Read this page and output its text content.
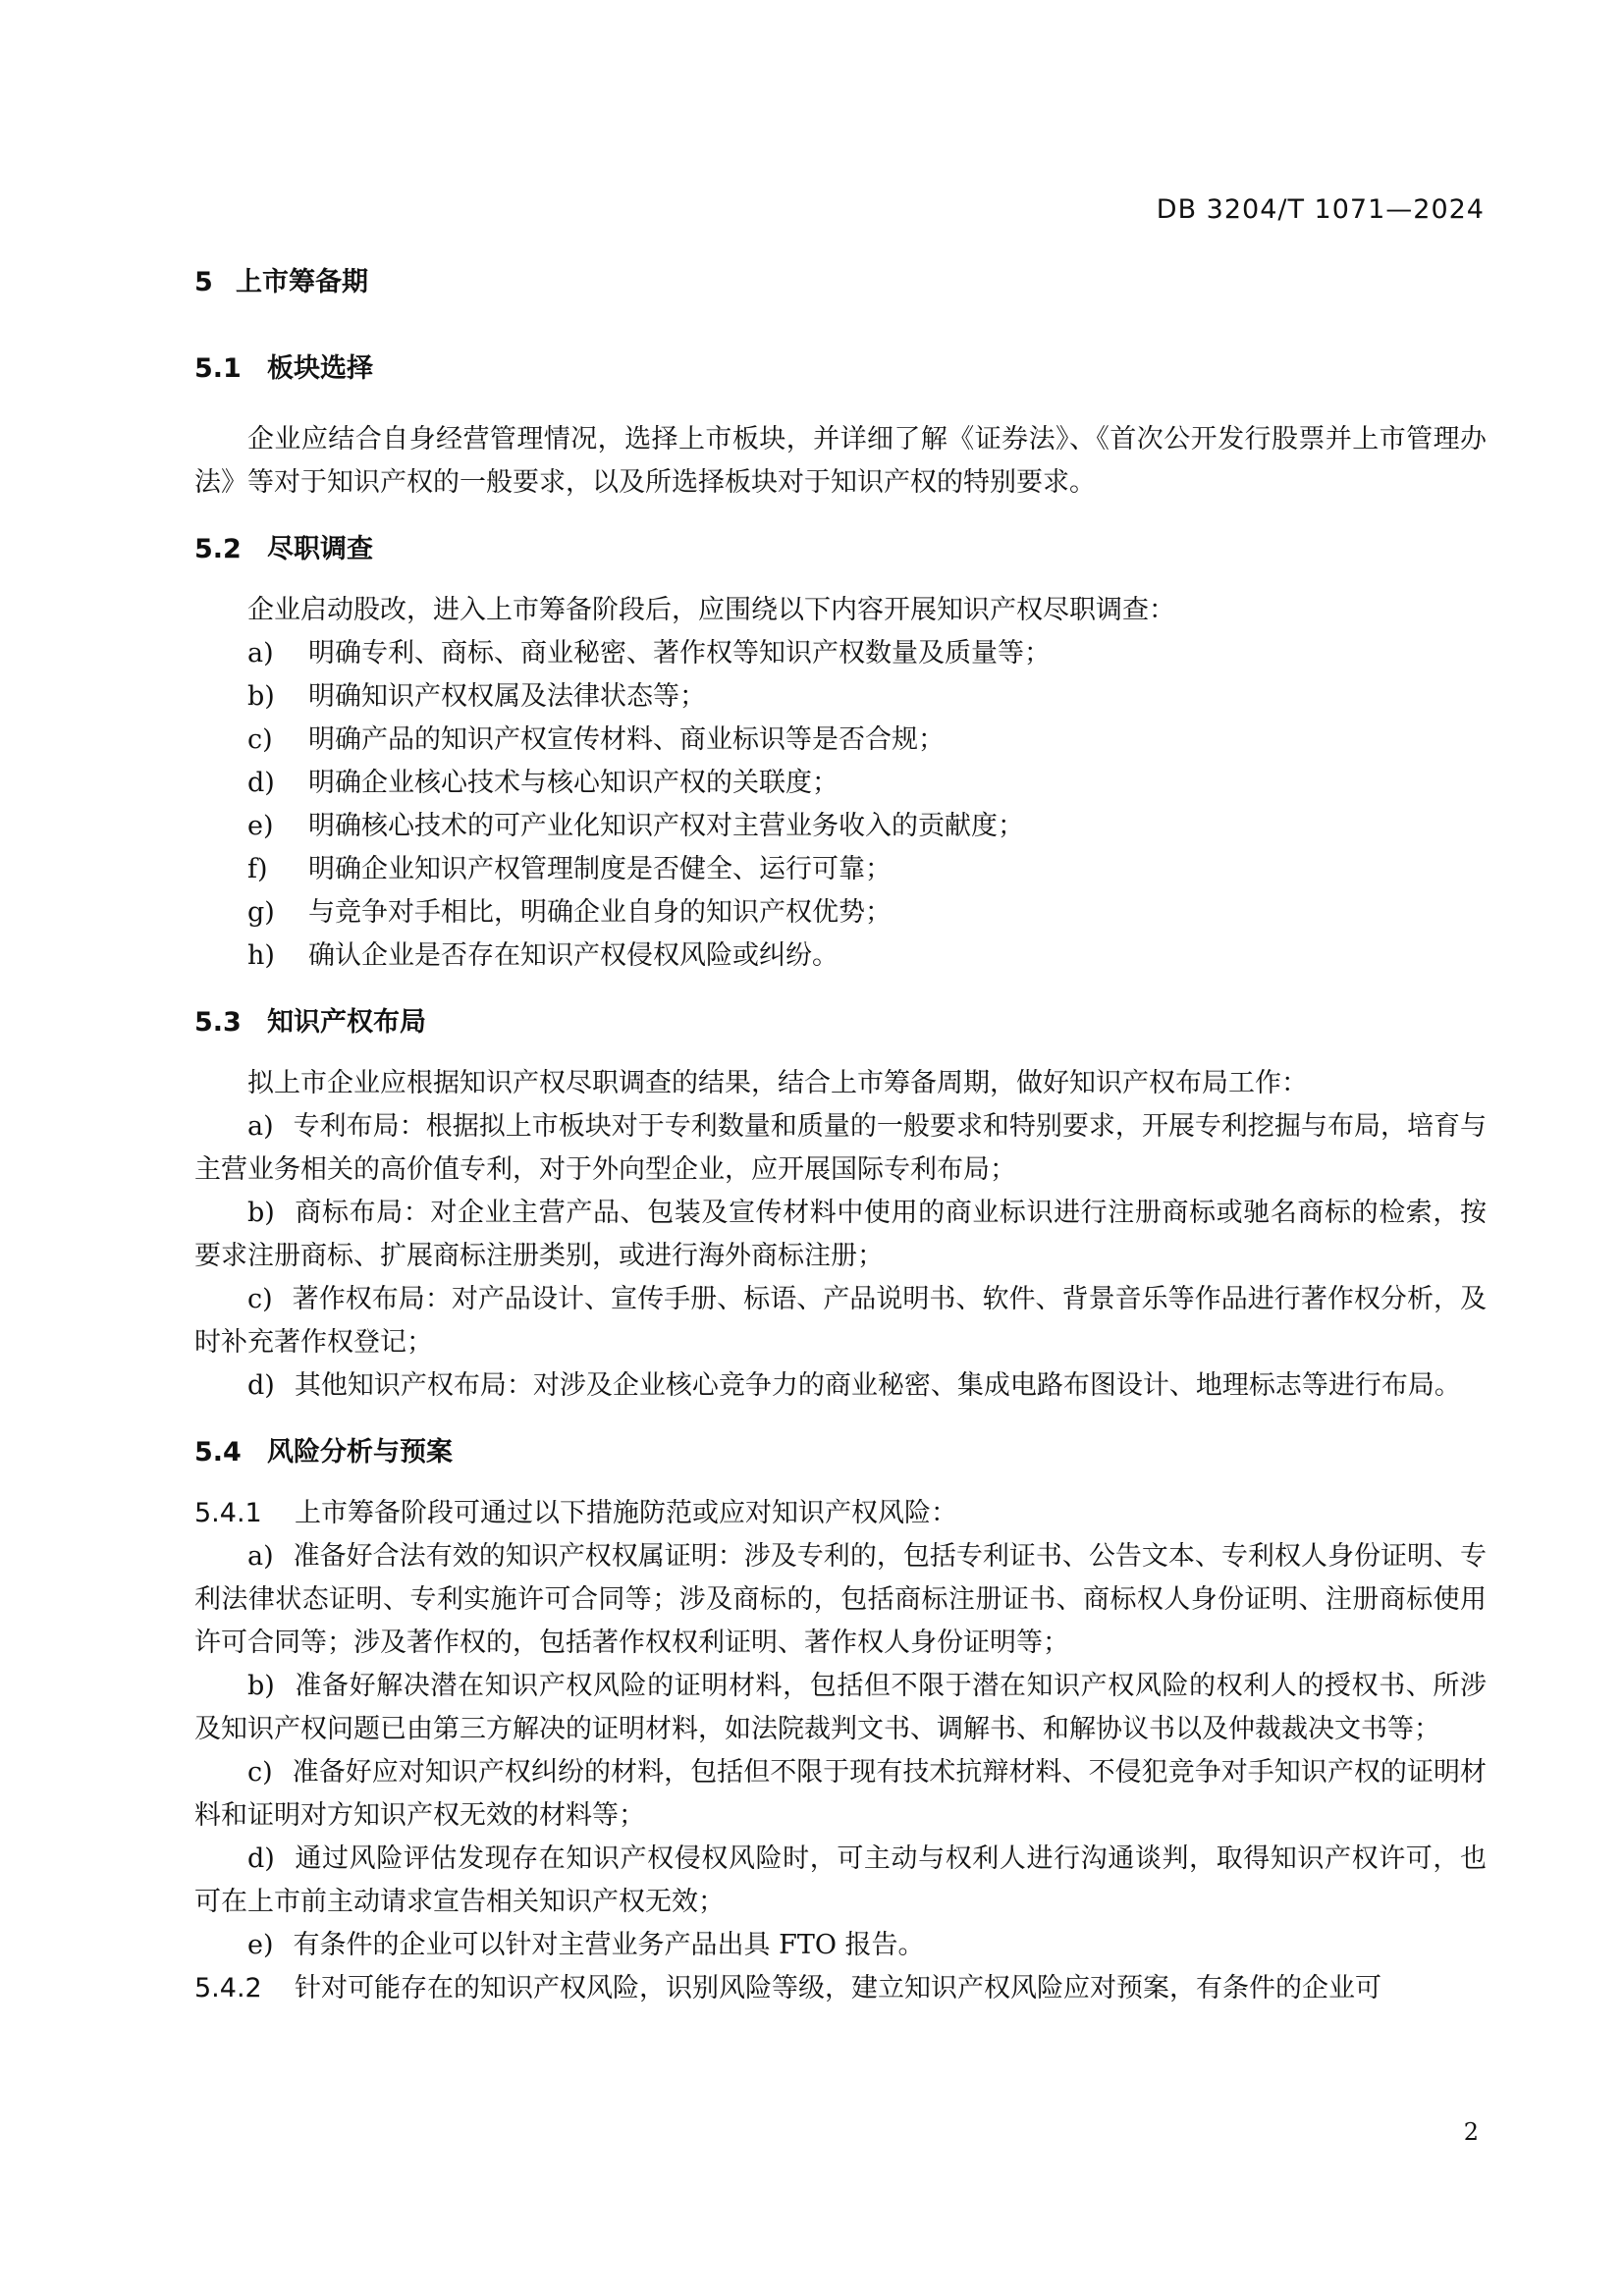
DB 3204/T 1071—2024
5 上市筹备期
5.1 板块选择

企业应结合自身经营管理情况，选择上市板块，并详细了解《证券法》、《首次公开发行股票并上市管理办法》等对于知识产权的一般要求，以及所选择板块对于知识产权的特别要求。

5.2 尽职调查

企业启动股改，进入上市筹备阶段后，应围绕以下内容开展知识产权尽职调查：

a)	明确专利、商标、商业秘密、著作权等知识产权数量及质量等；
b)	明确知识产权权属及法律状态等；
c)	明确产品的知识产权宣传材料、商业标识等是否合规；
d)	明确企业核心技术与核心知识产权的关联度；
e)	明确核心技术的可产业化知识产权对主营业务收入的贡献度；
f)	明确企业知识产权管理制度是否健全、运行可靠；
g)	与竞争对手相比，明确企业自身的知识产权优势；
h)	确认企业是否存在知识产权侵权风险或纠纷。
5.3 知识产权布局

拟上市企业应根据知识产权尽职调查的结果，结合上市筹备周期，做好知识产权布局工作：

a) 专利布局：根据拟上市板块对于专利数量和质量的一般要求和特别要求，开展专利挖掘与布局，培育与主营业务相关的高价值专利，对于外向型企业，应开展国际专利布局；

b) 商标布局：对企业主营产品、包装及宣传材料中使用的商业标识进行注册商标或驰名商标的检索，按要求注册商标、扩展商标注册类别，或进行海外商标注册；

c) 著作权布局：对产品设计、宣传手册、标语、产品说明书、软件、背景音乐等作品进行著作权分析，及时补充著作权登记；

d) 其他知识产权布局：对涉及企业核心竞争力的商业秘密、集成电路布图设计、地理标志等进行布局。

5.4 风险分析与预案

5.4.1 上市筹备阶段可通过以下措施防范或应对知识产权风险：

a) 准备好合法有效的知识产权权属证明：涉及专利的，包括专利证书、公告文本、专利权人身份证明、专利法律状态证明、专利实施许可合同等；涉及商标的，包括商标注册证书、商标权人身份证明、注册商标使用许可合同等；涉及著作权的，包括著作权权利证明、著作权人身份证明等；

b) 准备好解决潜在知识产权风险的证明材料，包括但不限于潜在知识产权风险的权利人的授权书、所涉及知识产权问题已由第三方解决的证明材料，如法院裁判文书、调解书、和解协议书以及仲裁裁决文书等；

c) 准备好应对知识产权纠纷的材料，包括但不限于现有技术抗辩材料、不侵犯竞争对手知识产权的证明材料和证明对方知识产权无效的材料等；

d) 通过风险评估发现存在知识产权侵权风险时，可主动与权利人进行沟通谈判，取得知识产权许可，也可在上市前主动请求宣告相关知识产权无效；

e) 有条件的企业可以针对主营业务产品出具 FTO 报告。

5.4.2 针对可能存在的知识产权风险，识别风险等级，建立知识产权风险应对预案，有条件的企业可

2
